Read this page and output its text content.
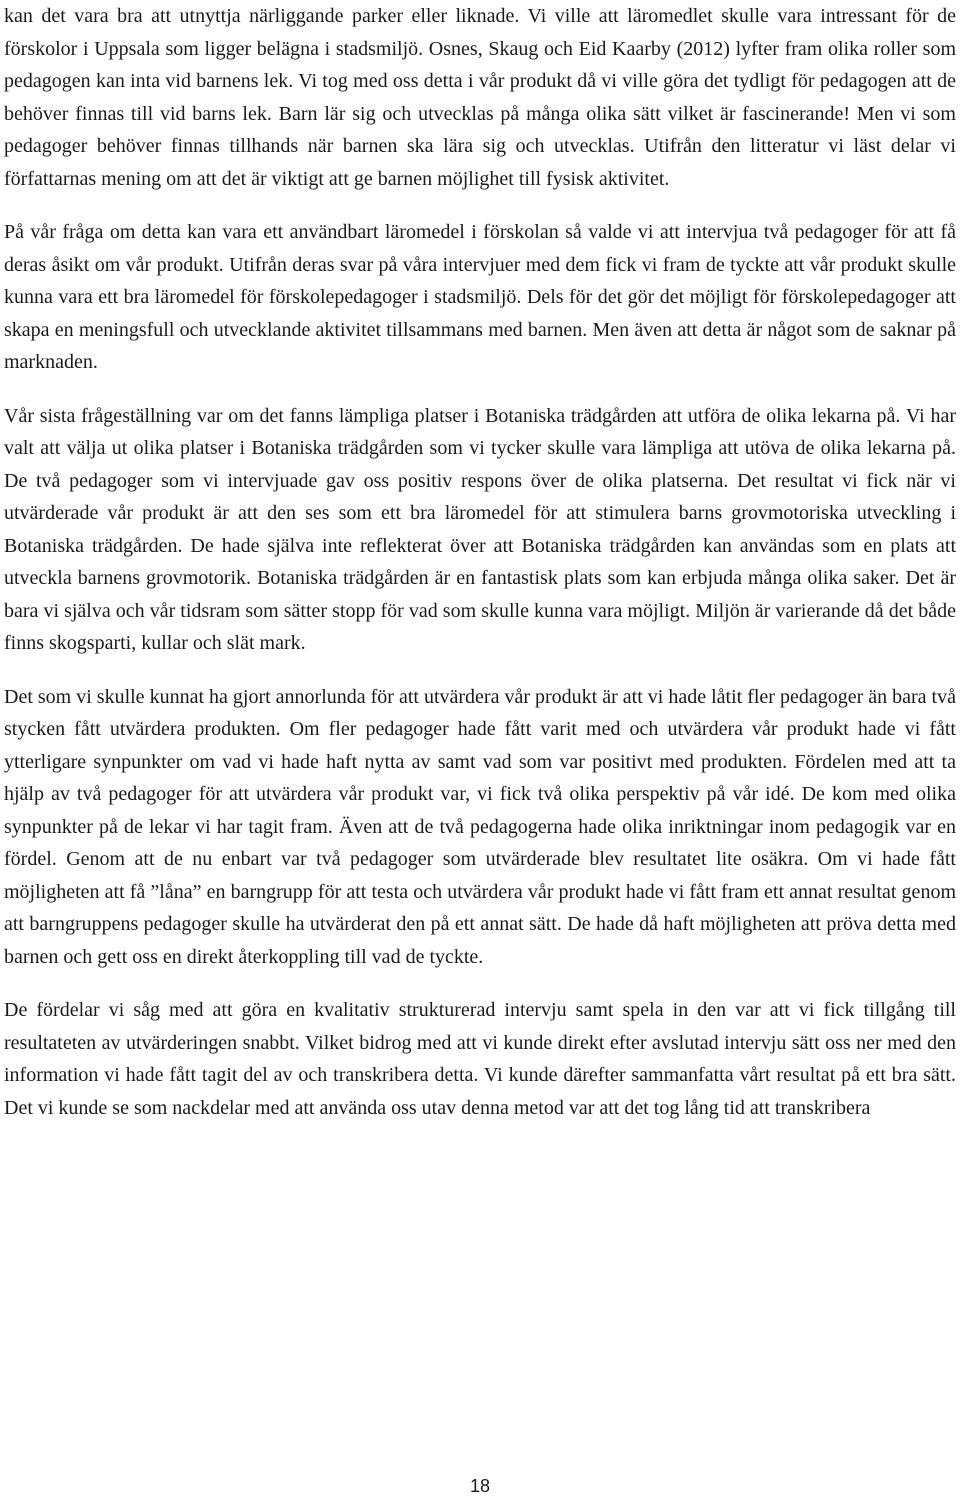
kan det vara bra att utnyttja närliggande parker eller liknade. Vi ville att läromedlet skulle vara intressant för de förskolor i Uppsala som ligger belägna i stadsmiljö. Osnes, Skaug och Eid Kaarby (2012) lyfter fram olika roller som pedagogen kan inta vid barnens lek. Vi tog med oss detta i vår produkt då vi ville göra det tydligt för pedagogen att de behöver finnas till vid barns lek. Barn lär sig och utvecklas på många olika sätt vilket är fascinerande! Men vi som pedagoger behöver finnas tillhands när barnen ska lära sig och utvecklas. Utifrån den litteratur vi läst delar vi författarnas mening om att det är viktigt att ge barnen möjlighet till fysisk aktivitet.

På vår fråga om detta kan vara ett användbart läromedel i förskolan så valde vi att intervjua två pedagoger för att få deras åsikt om vår produkt. Utifrån deras svar på våra intervjuer med dem fick vi fram de tyckte att vår produkt skulle kunna vara ett bra läromedel för förskolepedagoger i stadsmiljö. Dels för det gör det möjligt för förskolepedagoger att skapa en meningsfull och utvecklande aktivitet tillsammans med barnen. Men även att detta är något som de saknar på marknaden.

Vår sista frågeställning var om det fanns lämpliga platser i Botaniska trädgården att utföra de olika lekarna på. Vi har valt att välja ut olika platser i Botaniska trädgården som vi tycker skulle vara lämpliga att utöva de olika lekarna på. De två pedagoger som vi intervjuade gav oss positiv respons över de olika platserna. Det resultat vi fick när vi utvärderade vår produkt är att den ses som ett bra läromedel för att stimulera barns grovmotoriska utveckling i Botaniska trädgården. De hade själva inte reflekterat över att Botaniska trädgården kan användas som en plats att utveckla barnens grovmotorik. Botaniska trädgården är en fantastisk plats som kan erbjuda många olika saker. Det är bara vi själva och vår tidsram som sätter stopp för vad som skulle kunna vara möjligt. Miljön är varierande då det både finns skogsparti, kullar och slät mark.

Det som vi skulle kunnat ha gjort annorlunda för att utvärdera vår produkt är att vi hade låtit fler pedagoger än bara två stycken fått utvärdera produkten. Om fler pedagoger hade fått varit med och utvärdera vår produkt hade vi fått ytterligare synpunkter om vad vi hade haft nytta av samt vad som var positivt med produkten. Fördelen med att ta hjälp av två pedagoger för att utvärdera vår produkt var, vi fick två olika perspektiv på vår idé. De kom med olika synpunkter på de lekar vi har tagit fram. Även att de två pedagogerna hade olika inriktningar inom pedagogik var en fördel. Genom att de nu enbart var två pedagoger som utvärderade blev resultatet lite osäkra. Om vi hade fått möjligheten att få ”låna” en barngrupp för att testa och utvärdera vår produkt hade vi fått fram ett annat resultat genom att barngruppens pedagoger skulle ha utvärderat den på ett annat sätt. De hade då haft möjligheten att pröva detta med barnen och gett oss en direkt återkoppling till vad de tyckte.

De fördelar vi såg med att göra en kvalitativ strukturerad intervju samt spela in den var att vi fick tillgång till resultateten av utvärderingen snabbt. Vilket bidrog med att vi kunde direkt efter avslutad intervju sätt oss ner med den information vi hade fått tagit del av och transkribera detta. Vi kunde därefter sammanfatta vårt resultat på ett bra sätt. Det vi kunde se som nackdelar med att använda oss utav denna metod var att det tog lång tid att transkribera

18
